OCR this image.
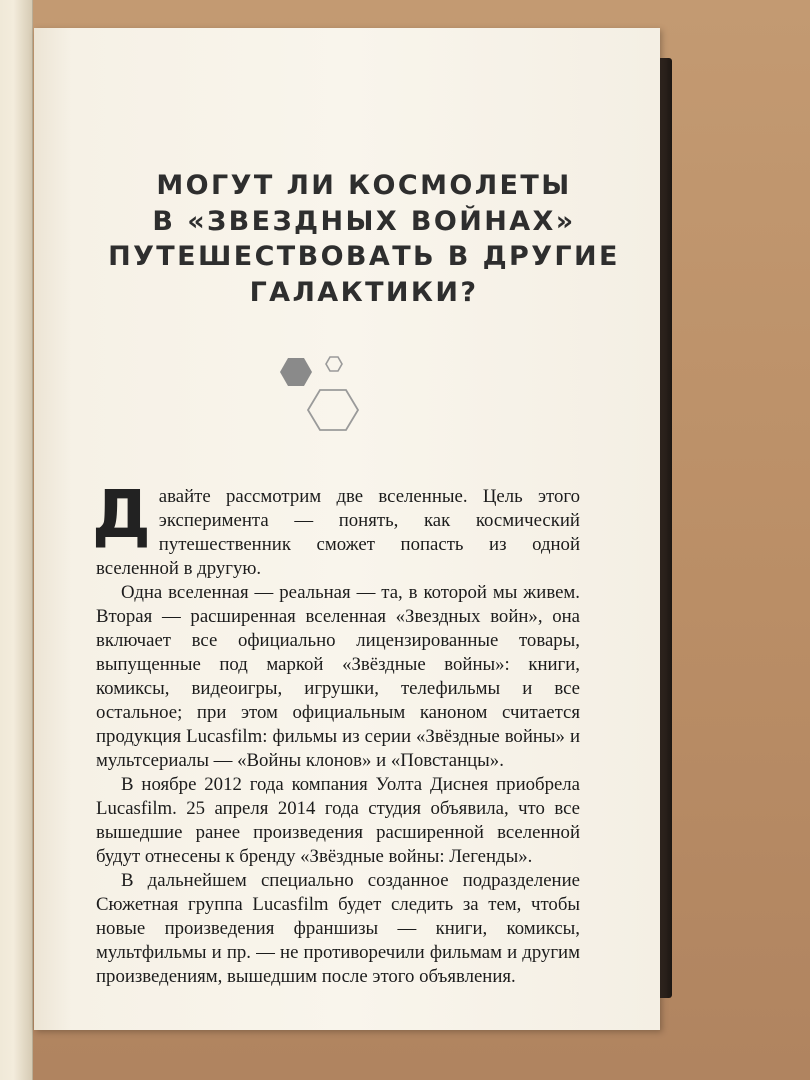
МОГУТ ЛИ КОСМОЛЕТЫ
В «ЗВЕЗДНЫХ ВОЙНАХ»
ПУТЕШЕСТВОВАТЬ В ДРУГИЕ
ГАЛАКТИКИ?

Давайте рассмотрим две вселенные. Цель этого эксперимента — понять, как космический путешественник сможет попасть из одной вселенной в другую.

Одна вселенная — реальная — та, в которой мы живем. Вторая — расширенная вселенная «Звездных войн», она включает все официально лицензированные товары, выпущенные под маркой «Звёздные войны»: книги, комиксы, видеоигры, игрушки, телефильмы и все остальное; при этом официальным каноном считается продукция Lucasfilm: фильмы из серии «Звёздные войны» и мультсериалы — «Войны клонов» и «Повстанцы».

В ноябре 2012 года компания Уолта Диснея приобрела Lucasfilm. 25 апреля 2014 года студия объявила, что все вышедшие ранее произведения расширенной вселенной будут отнесены к бренду «Звёздные войны: Легенды».

В дальнейшем специально созданное подразделение Сюжетная группа Lucasfilm будет следить за тем, чтобы новые произведения франшизы — книги, комиксы, мультфильмы и пр. — не противоречили фильмам и другим произведениям, вышедшим после этого объявления.
